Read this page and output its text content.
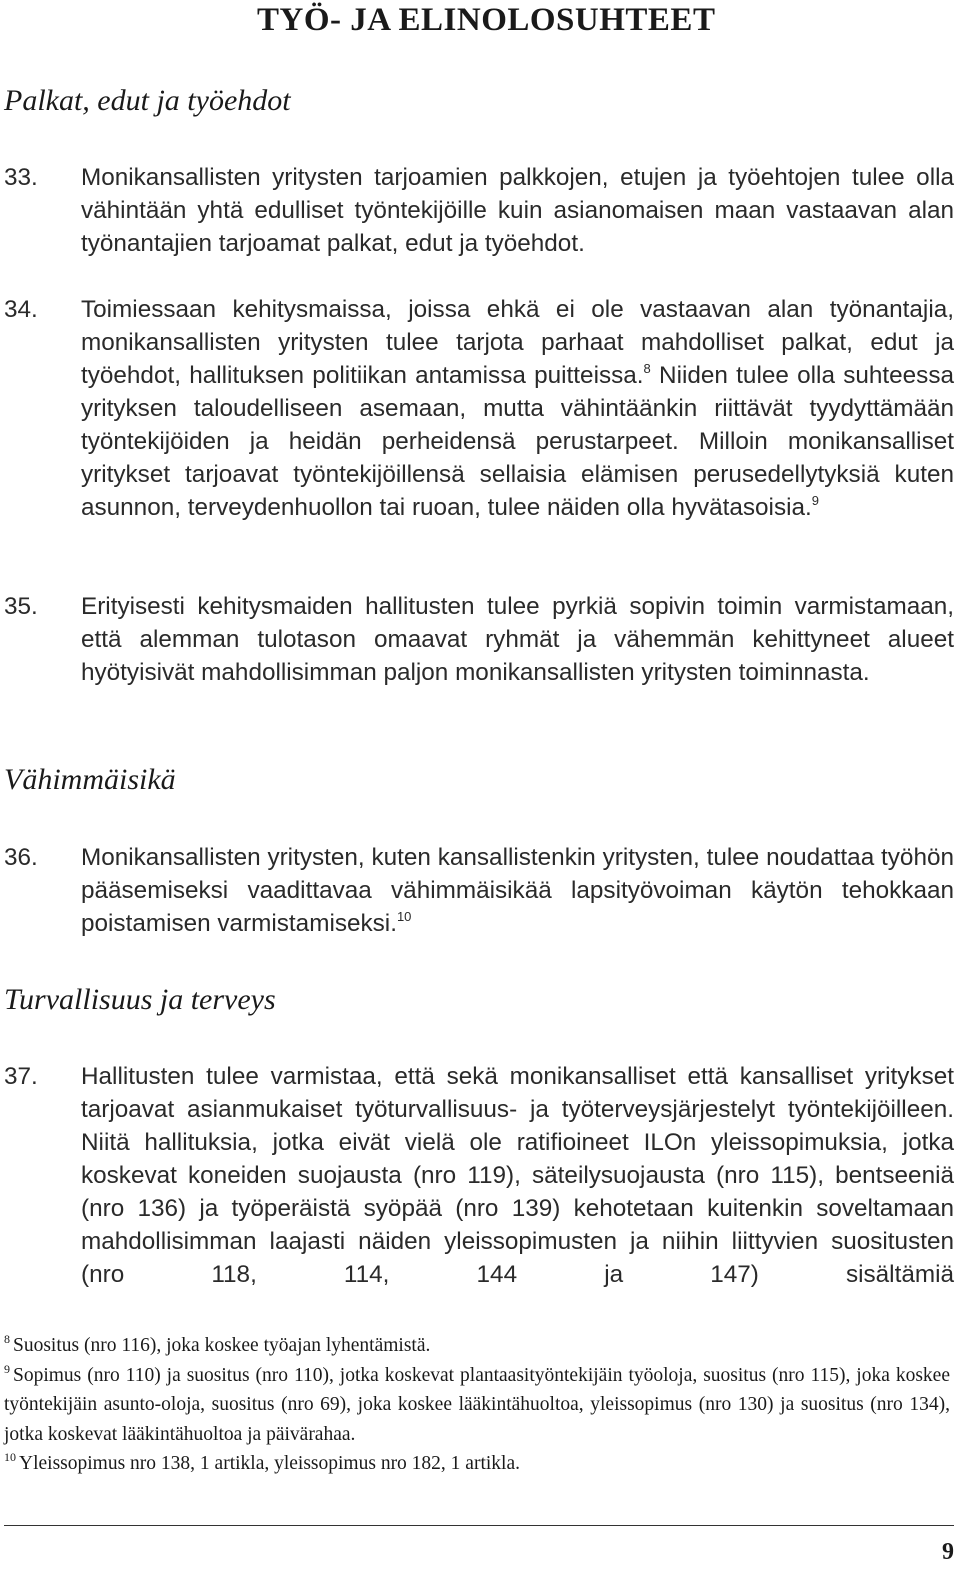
TYÖ- JA ELINOLOSUHTEET
Palkat, edut ja työehdot
33.	Monikansallisten yritysten tarjoamien palkkojen, etujen ja työehtojen tulee olla vähintään yhtä edulliset työntekijöille kuin asianomaisen maan vastaavan alan työnantajien tarjoamat palkat, edut ja työehdot.
34.	Toimiessaan kehitysmaissa, joissa ehkä ei ole vastaavan alan työnantajia, monikansallisten yritysten tulee tarjota parhaat mahdolliset palkat, edut ja työehdot, hallituksen politiikan antamissa puitteissa.$^8$ Niiden tulee olla suhteessa yrityksen taloudelliseen asemaan, mutta vähintäänkin riittävät tyydyttämään työntekijöiden ja heidän perheidensä perustarpeet. Milloin monikansalliset yritykset tarjoavat työntekijöillensä sellaisia elämisen perusedellytyksiä kuten asunnon, terveydenhuollon tai ruoan, tulee näiden olla hyvätasoisia.$^9$
35.	Erityisesti kehitysmaiden hallitusten tulee pyrkiä sopivin toimin varmistamaan, että alemman tulotason omaavat ryhmät ja vähemmän kehittyneet alueet hyötyisivät mahdollisimman paljon monikansallisten yritysten toiminnasta.
Vähimmäisikä
36.	Monikansallisten yritysten, kuten kansallistenkin yritysten, tulee noudattaa työhön pääsemiseksi vaadittavaa vähimmäisikää lapsityövoiman käytön tehokkaan poistamisen varmistamiseksi.$^{10}$
Turvallisuus ja terveys
37.	Hallitusten tulee varmistaa, että sekä monikansalliset että kansalliset yritykset tarjoavat asianmukaiset työturvallisuus- ja työterveysjärjestelyt työntekijöilleen. Niitä hallituksia, jotka eivät vielä ole ratifioineet ILOn yleissopimuksia, jotka koskevat koneiden suojausta (nro 119), säteilysuojausta (nro 115), bentseeniä (nro 136) ja työperäistä syöpää (nro 139) kehotetaan kuitenkin soveltamaan mahdollisimman laajasti näiden yleissopimusten ja niihin liittyvien suositusten (nro 118, 114, 144 ja 147) sisältämiä
$^8$ Suositus (nro 116), joka koskee työajan lyhentämistä.
$^9$ Sopimus (nro 110) ja suositus (nro 110), jotka koskevat plantaasityöntekijäin työoloja, suositus (nro 115), joka koskee työntekijäin asunto-oloja, suositus (nro 69), joka koskee lääkintähuoltoa, yleissopimus (nro 130) ja suositus (nro 134), jotka koskevat lääkintähuoltoa ja päivärahaa.
$^{10}$ Yleissopimus nro 138, 1 artikla, yleissopimus nro 182, 1 artikla.
9
